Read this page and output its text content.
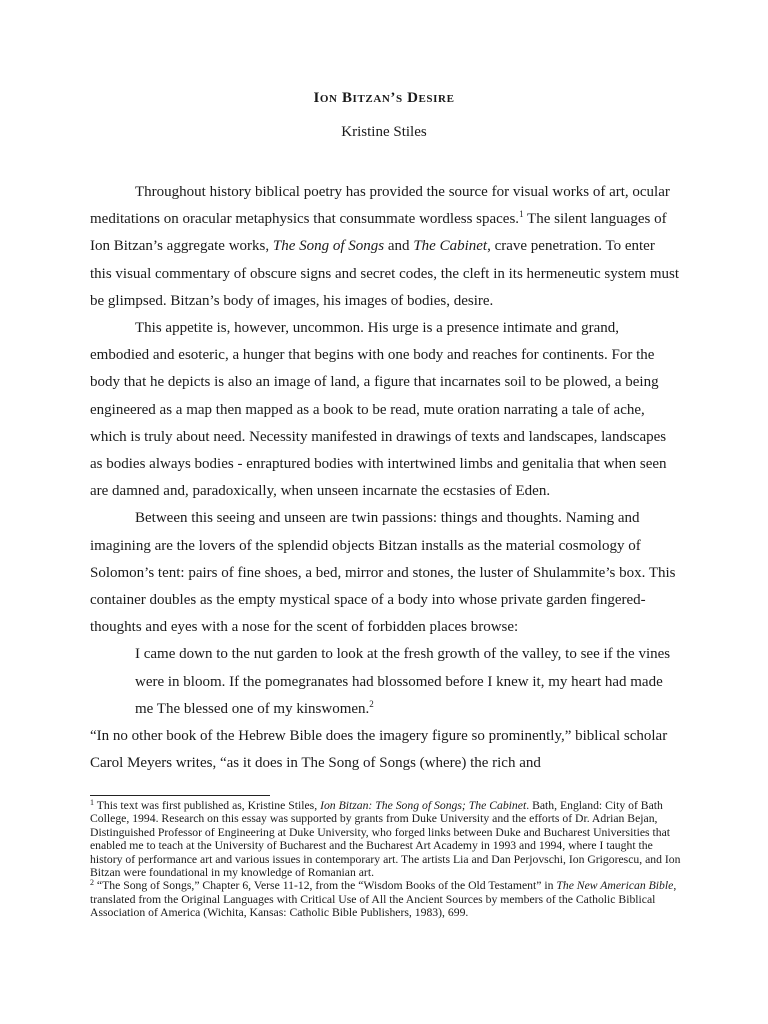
Ion Bitzan’s Desire
Kristine Stiles

Throughout history biblical poetry has provided the source for visual works of art, ocular meditations on oracular metaphysics that consummate wordless spaces.$^1$ The silent languages of Ion Bitzan’s aggregate works, The Song of Songs and The Cabinet, crave penetration. To enter this visual commentary of obscure signs and secret codes, the cleft in its hermeneutic system must be glimpsed. Bitzan’s body of images, his images of bodies, desire.

This appetite is, however, uncommon. His urge is a presence intimate and grand, embodied and esoteric, a hunger that begins with one body and reaches for continents. For the body that he depicts is also an image of land, a figure that incarnates soil to be plowed, a being engineered as a map then mapped as a book to be read, mute oration narrating a tale of ache, which is truly about need. Necessity manifested in drawings of texts and landscapes, landscapes as bodies always bodies - enraptured bodies with intertwined limbs and genitalia that when seen are damned and, paradoxically, when unseen incarnate the ecstasies of Eden.

Between this seeing and unseen are twin passions: things and thoughts. Naming and imagining are the lovers of the splendid objects Bitzan installs as the material cosmology of Solomon’s tent: pairs of fine shoes, a bed, mirror and stones, the luster of Shulammite’s box. This container doubles as the empty mystical space of a body into whose private garden fingered-thoughts and eyes with a nose for the scent of forbidden places browse:

I came down to the nut garden to look at the fresh growth of the valley, to see if the vines were in bloom. If the pomegranates had blossomed before I knew it, my heart had made me The blessed one of my kinswomen.$^2$

“In no other book of the Hebrew Bible does the imagery figure so prominently,” biblical scholar Carol Meyers writes, “as it does in The Song of Songs (where) the rich and

$^1$ This text was first published as, Kristine Stiles, Ion Bitzan: The Song of Songs; The Cabinet. Bath, England: City of Bath College, 1994. Research on this essay was supported by grants from Duke University and the efforts of Dr. Adrian Bejan, Distinguished Professor of Engineering at Duke University, who forged links between Duke and Bucharest Universities that enabled me to teach at the University of Bucharest and the Bucharest Art Academy in 1993 and 1994, where I taught the history of performance art and various issues in contemporary art. The artists Lia and Dan Perjovschi, Ion Grigorescu, and Ion Bitzan were foundational in my knowledge of Romanian art.

$^2$ “The Song of Songs,” Chapter 6, Verse 11-12, from the “Wisdom Books of the Old Testament” in The New American Bible, translated from the Original Languages with Critical Use of All the Ancient Sources by members of the Catholic Biblical Association of America (Wichita, Kansas: Catholic Bible Publishers, 1983), 699.
